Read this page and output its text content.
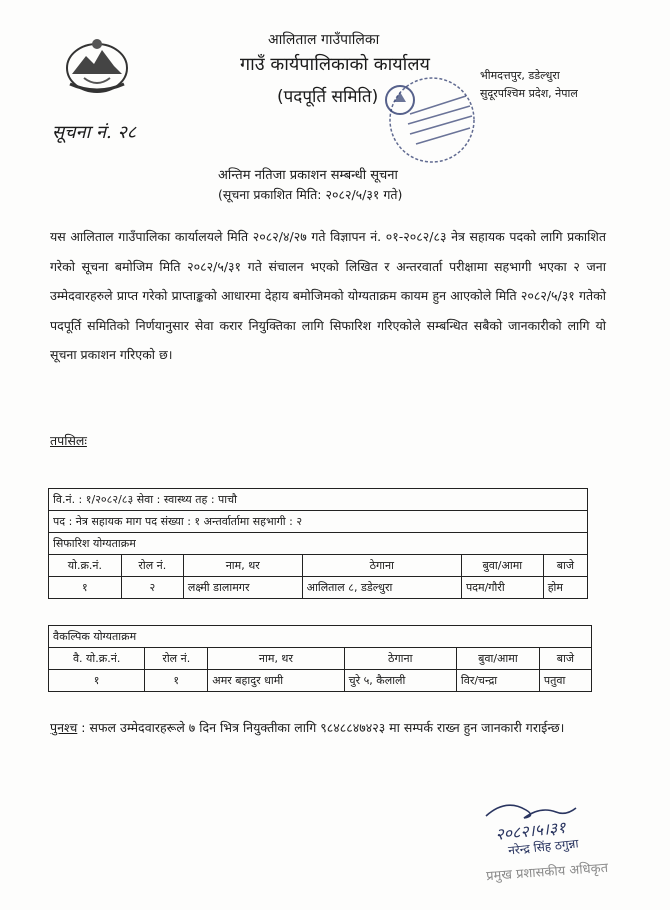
आलिताल गाउँपालिका
गाउँ कार्यपालिकाको कार्यालय
(पदपूर्ति समिति)
भीमदत्तपुर, डडेल्धुरा
सुदूरपश्चिम प्रदेश, नेपाल
सूचना नं. २८
अन्तिम नतिजा प्रकाशन सम्बन्धी सूचना
(सूचना प्रकाशित मिति: २०८२/५/३१ गते)
यस आलिताल गाउँपालिका कार्यालयले मिति २०८२/४/२७ गते विज्ञापन नं. ०१-२०८२/८३ नेत्र सहायक पदको लागि प्रकाशित गरेको सूचना बमोजिम मिति २०८२/५/३१ गते संचालन भएको लिखित र अन्तरवार्ता परीक्षामा सहभागी भएका २ जना उम्मेदवारहरुले प्राप्त गरेको प्राप्ताङ्कको आधारमा देहाय बमोजिमको योग्यताक्रम कायम हुन आएकोले मिति २०८२/५/३१ गतेको पदपूर्ति समितिको निर्णयानुसार सेवा करार नियुक्तिका लागि सिफारिश गरिएकोले सम्बन्धित सबैको जानकारीको लागि यो सूचना प्रकाशन गरिएको छ।
तपसिलः
वि.नं. : १/२०८२/८३ सेवा : स्वास्थ्य तह : पाचौ					
पद : नेत्र सहायक माग पद संख्या : १ अन्तर्वार्तामा सहभागी : २					
सिफारिश योग्यताक्रम					
यो.क्र.नं.	रोल नं.	नाम, थर	ठेगाना	बुवा/आमा	बाजे
१	२	लक्ष्मी डालामगर	आलिताल ८, डडेल्धुरा	पदम/गौरी	होम
वैकल्पिक योग्यताक्रम					
वै. यो.क्र.नं.	रोल नं.	नाम, थर	ठेगाना	बुवा/आमा	बाजे
१	१	अमर बहादुर धामी	चुरे ५, कैलाली	विर/चन्द्रा	पतुवा
पुनश्च : सफल उम्मेदवारहरूले ७ दिन भित्र नियुक्तीका लागि ९८४८८४७४२३ मा सम्पर्क राख्न हुन जानकारी गराईन्छ।
२०८२।५।३१
नरेन्द्र सिंह ठगुन्ना
प्रमुख प्रशासकीय अधिकृत
